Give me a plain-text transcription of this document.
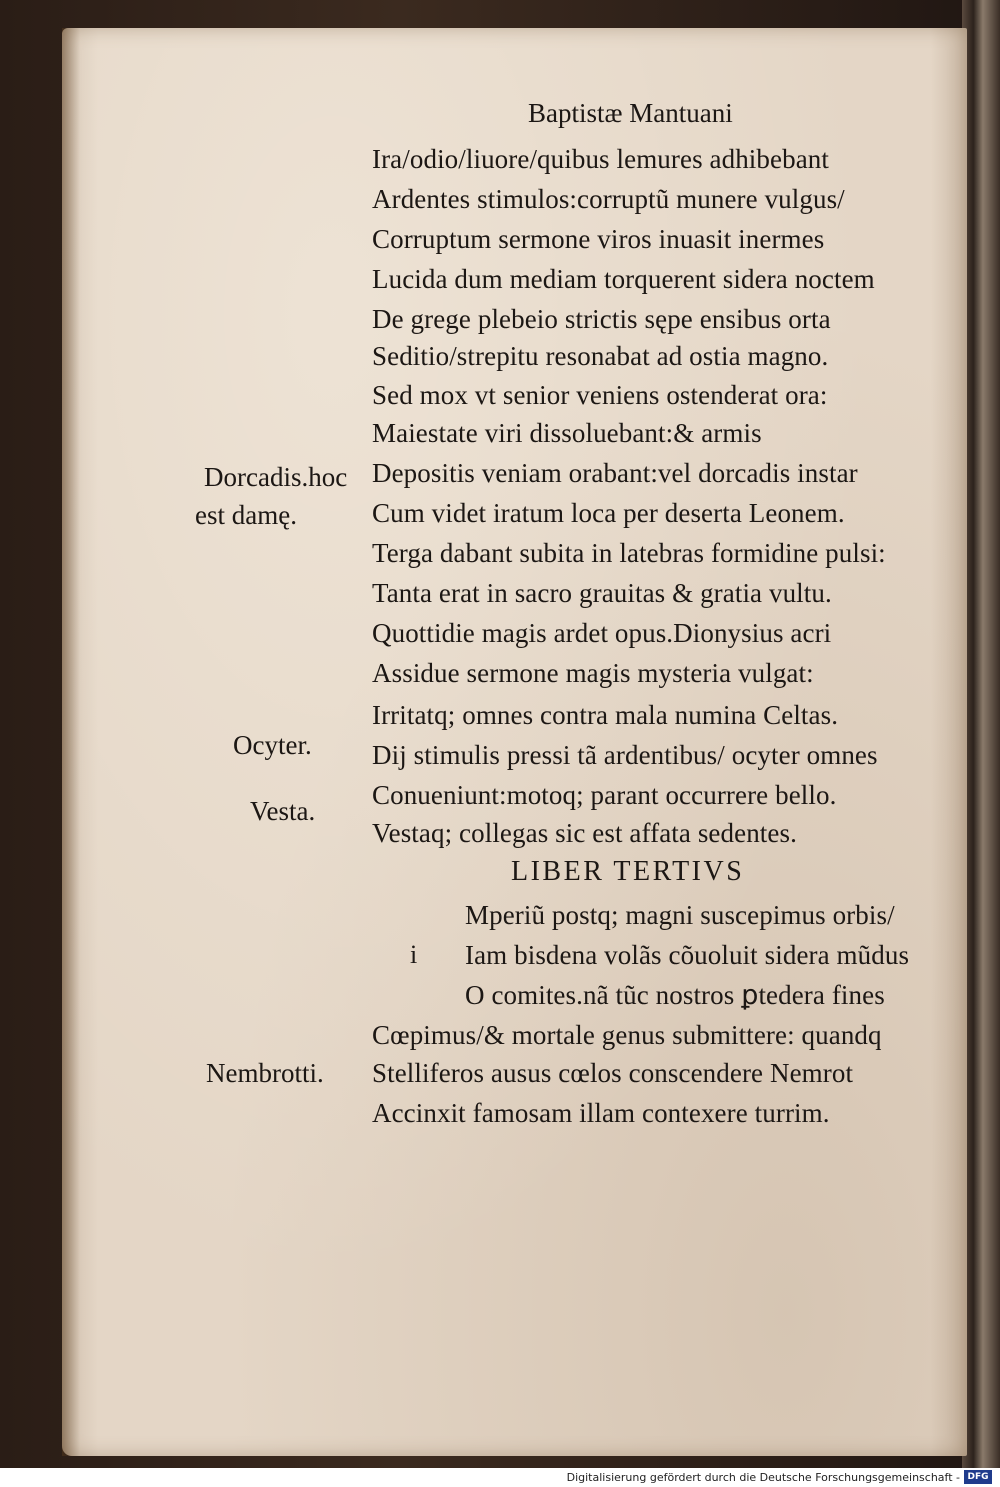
Baptistæ Mantuani
Ira/odio/liuore/quibus lemures adhibebant
Ardentes stimulos:corruptũ munere vulgus/
Corruptum sermone viros inuasit inermes
Lucida dum mediam torquerent sidera noctem
De grege plebeio strictis sępe ensibus orta
Seditio/strepitu resonabat ad ostia magno.
Sed mox vt senior veniens ostenderat ora:
Maiestate viri dissoluebant:& armis
Depositis veniam orabant:vel dorcadis instar
Cum videt iratum loca per deserta Leonem.
Terga dabant subita in latebras formidine pulsi:
Tanta erat in sacro grauitas & gratia vultu.
Quottidie magis ardet opus.Dionysius acri
Assidue sermone magis mysteria vulgat:
Irritatq; omnes contra mala numina Celtas.
Dij stimulis pressi tã ardentibus/ ocyter omnes
Conueniunt:motoq; parant occurrere bello.
Vestaq; collegas sic est affata sedentes.
LIBER TERTIVS
Mperiũ postq; magni suscepimus orbis/
i Iam bisdena volãs cõuoluit sidera mũdus
O comites.nã tũc nostros ꝑtedera fines
Cœpimus/& mortale genus submittere: quandq
Stelliferos ausus cœlos conscendere Nemrot
Accinxit famosam illam contexere turrim.
Dorcadis.hoc
est damę.
Ocyter.
Vesta.
Nembrotti.
Digitalisierung gefördert durch die Deutsche Forschungsgemeinschaft - DFG
